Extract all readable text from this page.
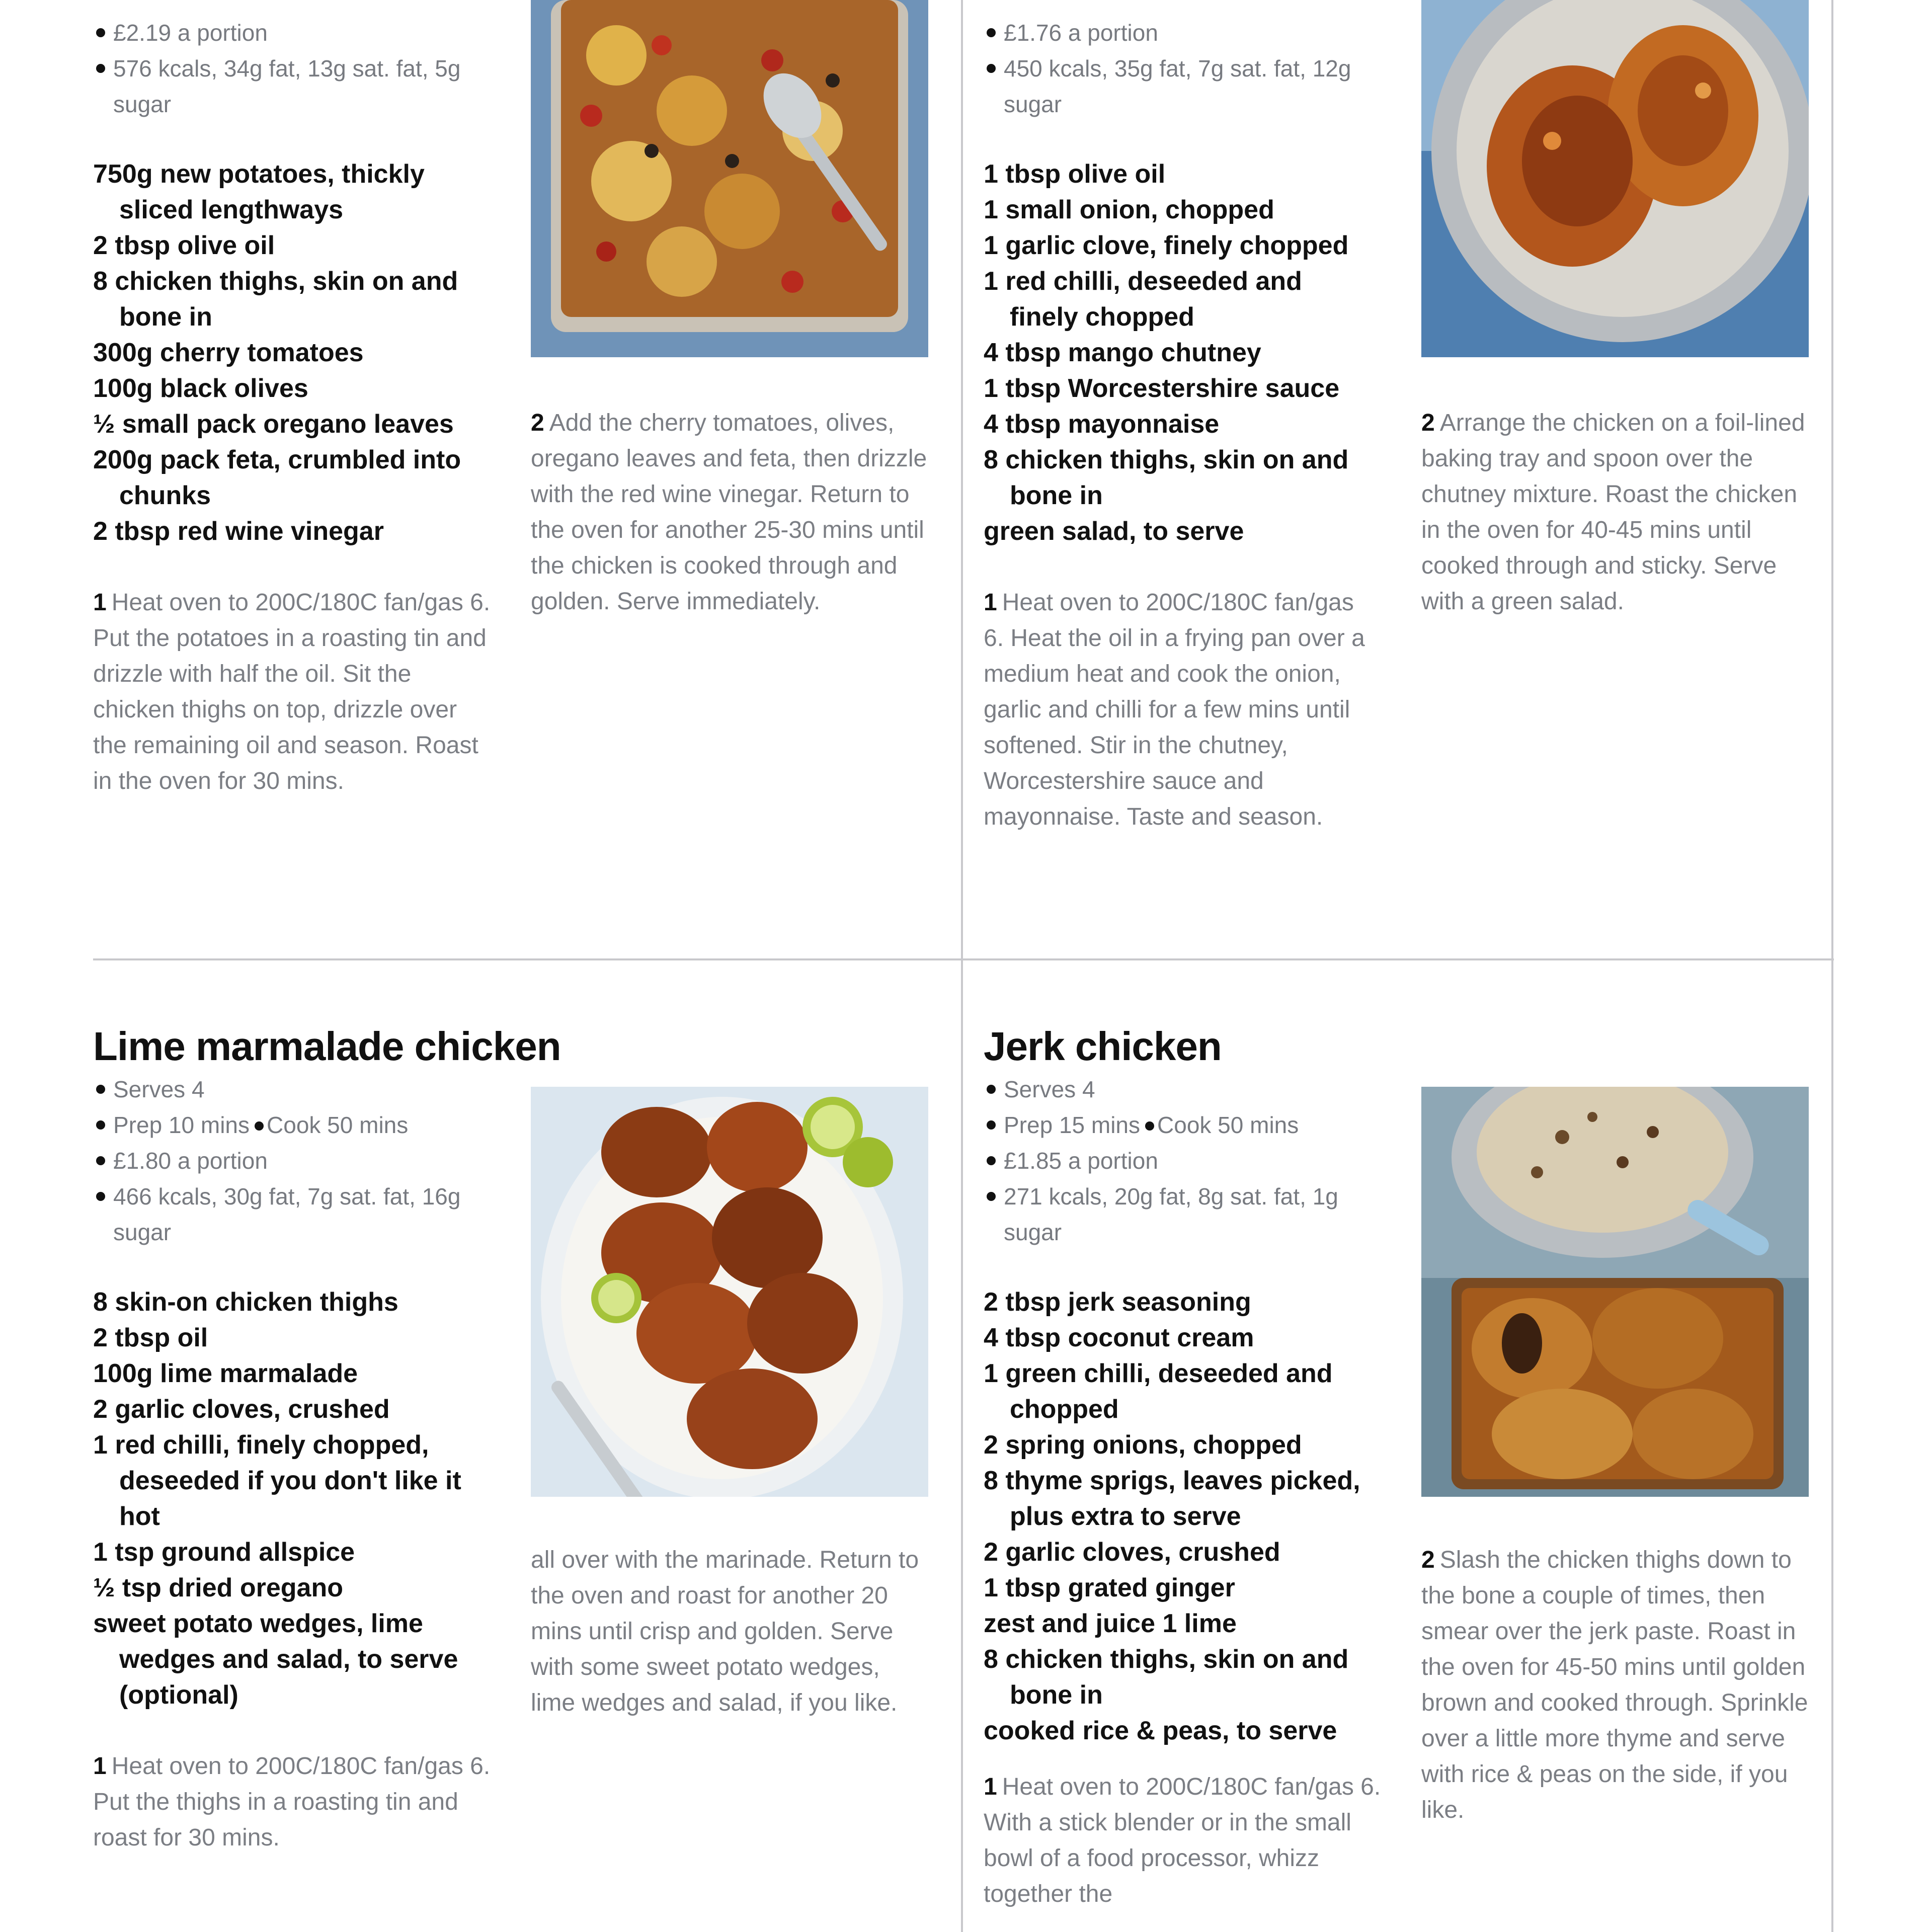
£2.19 a portion
576 kcals, 34g fat, 13g sat. fat, 5g sugar
750g new potatoes, thickly sliced lengthways
2 tbsp olive oil
8 chicken thighs, skin on and bone in
300g cherry tomatoes
100g black olives
½ small pack oregano leaves
200g pack feta, crumbled into chunks
2 tbsp red wine vinegar

1 Heat oven to 200C/180C fan/gas 6. Put the potatoes in a roasting tin and drizzle with half the oil. Sit the chicken thighs on top, drizzle over the remaining oil and season. Roast in the oven for 30 mins.

2 Add the cherry tomatoes, olives, oregano leaves and feta, then drizzle with the red wine vinegar. Return to the oven for another 25-30 mins until the chicken is cooked through and golden. Serve immediately.

£1.76 a portion
450 kcals, 35g fat, 7g sat. fat, 12g sugar
1 tbsp olive oil
1 small onion, chopped
1 garlic clove, finely chopped
1 red chilli, deseeded and finely chopped
4 tbsp mango chutney
1 tbsp Worcestershire sauce
4 tbsp mayonnaise
8 chicken thighs, skin on and bone in
green salad, to serve

1 Heat oven to 200C/180C fan/gas 6. Heat the oil in a frying pan over a medium heat and cook the onion, garlic and chilli for a few mins until softened. Stir in the chutney, Worcestershire sauce and mayonnaise. Taste and season.

2 Arrange the chicken on a foil-lined baking tray and spoon over the chutney mixture. Roast the chicken in the oven for 40-45 mins until cooked through and sticky. Serve with a green salad.

Lime marmalade chicken
Serves 4
Prep 10 mins Cook 50 mins
£1.80 a portion
466 kcals, 30g fat, 7g sat. fat, 16g sugar
8 skin-on chicken thighs
2 tbsp oil
100g lime marmalade
2 garlic cloves, crushed
1 red chilli, finely chopped, deseeded if you don't like it hot
1 tsp ground allspice
½ tsp dried oregano
sweet potato wedges, lime wedges and salad, to serve (optional)

1 Heat oven to 200C/180C fan/gas 6. Put the thighs in a roasting tin and roast for 30 mins.

all over with the marinade. Return to the oven and roast for another 20 mins until crisp and golden. Serve with some sweet potato wedges, lime wedges and salad, if you like.

Jerk chicken
Serves 4
Prep 15 mins Cook 50 mins
£1.85 a portion
271 kcals, 20g fat, 8g sat. fat, 1g sugar
2 tbsp jerk seasoning
4 tbsp coconut cream
1 green chilli, deseeded and chopped
2 spring onions, chopped
8 thyme sprigs, leaves picked, plus extra to serve
2 garlic cloves, crushed
1 tbsp grated ginger
zest and juice 1 lime
8 chicken thighs, skin on and bone in
cooked rice & peas, to serve

1 Heat oven to 200C/180C fan/gas 6. With a stick blender or in the small bowl of a food processor, whizz together the

2 Slash the chicken thighs down to the bone a couple of times, then smear over the jerk paste. Roast in the oven for 45-50 mins until golden brown and cooked through. Sprinkle over a little more thyme and serve with rice & peas on the side, if you like.
